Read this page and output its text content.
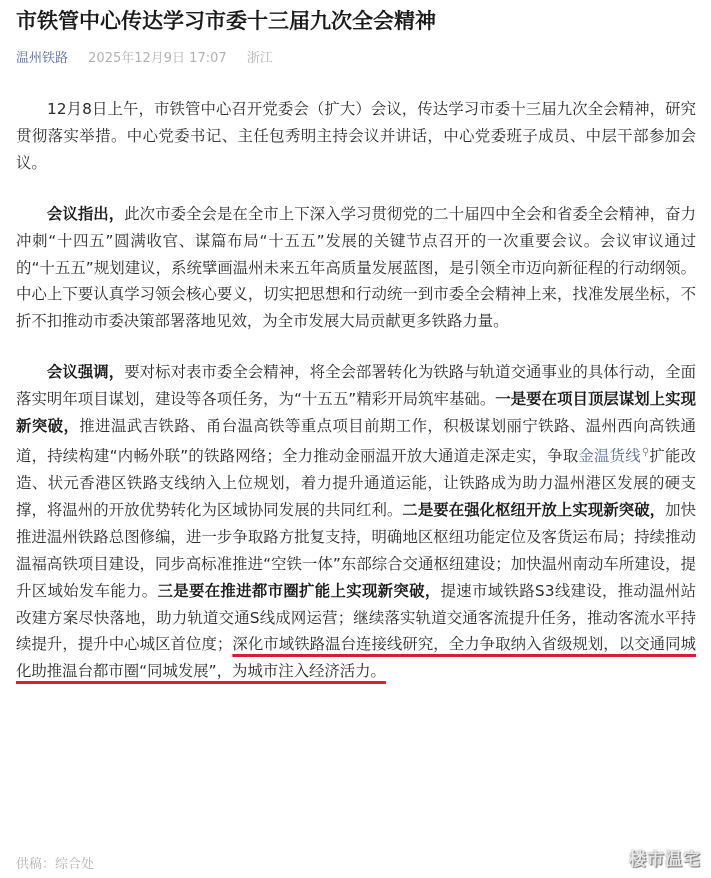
市铁管中心传达学习市委十三届九次全会精神
温州铁路 2025年12月9日 17:07 浙江

　　12月8日上午，市铁管中心召开党委会（扩大）会议，传达学习市委十三届九次全会精神，研究贯彻落实举措。中心党委书记、主任包秀明主持会议并讲话，中心党委班子成员、中层干部参加会议。

　　会议指出，此次市委全会是在全市上下深入学习贯彻党的二十届四中全会和省委全会精神，奋力冲刺“十四五”圆满收官、谋篇布局“十五五”发展的关键节点召开的一次重要会议。会议审议通过的“十五五”规划建议，系统擘画温州未来五年高质量发展蓝图，是引领全市迈向新征程的行动纲领。中心上下要认真学习领会核心要义，切实把思想和行动统一到市委全会精神上来，找准发展坐标，不折不扣推动市委决策部署落地见效，为全市发展大局贡献更多铁路力量。

　　会议强调，要对标对表市委全会精神，将全会部署转化为铁路与轨道交通事业的具体行动，全面落实明年项目谋划，建设等各项任务，为“十五五”精彩开局筑牢基础。一是要在项目顶层谋划上实现新突破，推进温武吉铁路、甬台温高铁等重点项目前期工作，积极谋划丽宁铁路、温州西向高铁通道，持续构建“内畅外联”的铁路网络；全力推动金丽温开放大通道走深走实，争取金温货线⚲扩能改造、状元香港区铁路支线纳入上位规划，着力提升通道运能，让铁路成为助力温州港区发展的硬支撑，将温州的开放优势转化为区域协同发展的共同红利。二是要在强化枢纽开放上实现新突破，加快推进温州铁路总图修编，进一步争取路方批复支持，明确地区枢纽功能定位及客货运布局；持续推动温福高铁项目建设，同步高标准推进“空铁一体”东部综合交通枢纽建设；加快温州南动车所建设，提升区域始发车能力。三是要在推进都市圈扩能上实现新突破，提速市域铁路S3线建设，推动温州站改建方案尽快落地，助力轨道交通S线成网运营；继续落实轨道交通客流提升任务，推动客流水平持续提升，提升中心城区首位度；深化市域铁路温台连接线研究，全力争取纳入省级规划，以交通同城化助推温台都市圈“同城发展”，为城市注入经济活力。

供稿：综合处	楼市温宅
